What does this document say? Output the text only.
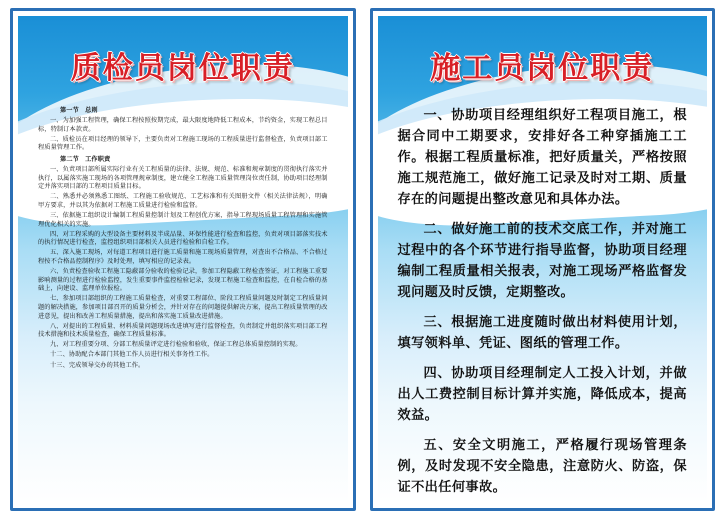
质检员岗位职责

第一节　总则

一、为加强工程管理，确保工程按照按期完成，最大限度地降低工程成本，节约资金，实现工程总目标，特制订本款责。

二、质检员在项目经理的领导下，主要负责对工程施工现场的工程质量进行监督检查，负责项目部工程质量管理工作。

第二节　工作职责

一、负责项目部所属实际行业有关工程质量的法律、法规、规范、标准和规章制度的贯彻执行落实并执行，以属落实施工现场的各项管理规章制度，建立健全工程施工质量管理岗位责任制，协助项目经理制定并落实项目部的工程项目质量目标。

二、熟悉并必须熟悉工图纸、工程施工验收规范、工艺标准和有关图册文件（相关法律法规），明确甲方要求，并以其为依据对工程施工质量进行检验和监督。

三、依据施工组织设计编制工程质量控制计划及工程创优方案，指导工程现场质量工程管理和实施管理优化相关的实施。

四、对工程采购的大型设备主要材料及半成品量、环保性能进行检查和监控，负责对项目部落实技术的执行情况进行检查，监控组织项目部相关人员进行检验和自检工作。

五、深入施工现场，对每道工程项目进行施工质量和施工现场质量管理，对查出不合格品、不合格过程按不合格品控制程序》及时处理，填写相应的记录表。

六、负责检查验收工程施工隐蔽部分验收的检验记录，参加工程隐蔽工程检查签证，对工程施工重要影响测量的过程进行检验监控，发生重要事件监控检验记录，发现工程施工检查和监控，在自检合格的基础上，向建设、监理单位报检。

七、参加项目部组织的工程施工质量检查，对重要工程部位、阶段工程质量问题及时制定工程质量问题的解决措施，参加项目部召开的质量分析会，并针对存在的问题提供解决方案，提出工程质量管理的改进意见，提出和改善工程质量措施，提出和落实施工质量改进措施。

八、对提出的工程质量、材料质量问题现场改进填写进行监督检查，负责制定并组织落实项目部工程技术措施和技术质量检查，确保工程质量标准。

九、对工程重要分项、分部工程质量评定进行检验和验收，保证工程总体质量控制的实现。

十二、协助配合本部门其他工作人员进行相关事务性工作。

十三、完成领导交办的其他工作。

施工员岗位职责

一、协助项目经理组织好工程项目施工，根据合同中工期要求，安排好各工种穿插施工工作。根据工程质量标准，把好质量关，严格按照施工规范施工，做好施工记录及时对工期、质量存在的问题提出整改意见和具体办法。

二、做好施工前的技术交底工作，并对施工过程中的各个环节进行指导监督，协助项目经理编制工程质量相关报表，对施工现场严格监督发现问题及时反馈，定期整改。

三、根据施工进度随时做出材料使用计划，填写领料单、凭证、图纸的管理工作。

四、协助项目经理制定人工投入计划，并做出人工费控制目标计算并实施，降低成本，提高效益。

五、安全文明施工，严格履行现场管理条例，及时发现不安全隐患，注意防火、防盗，保证不出任何事故。
